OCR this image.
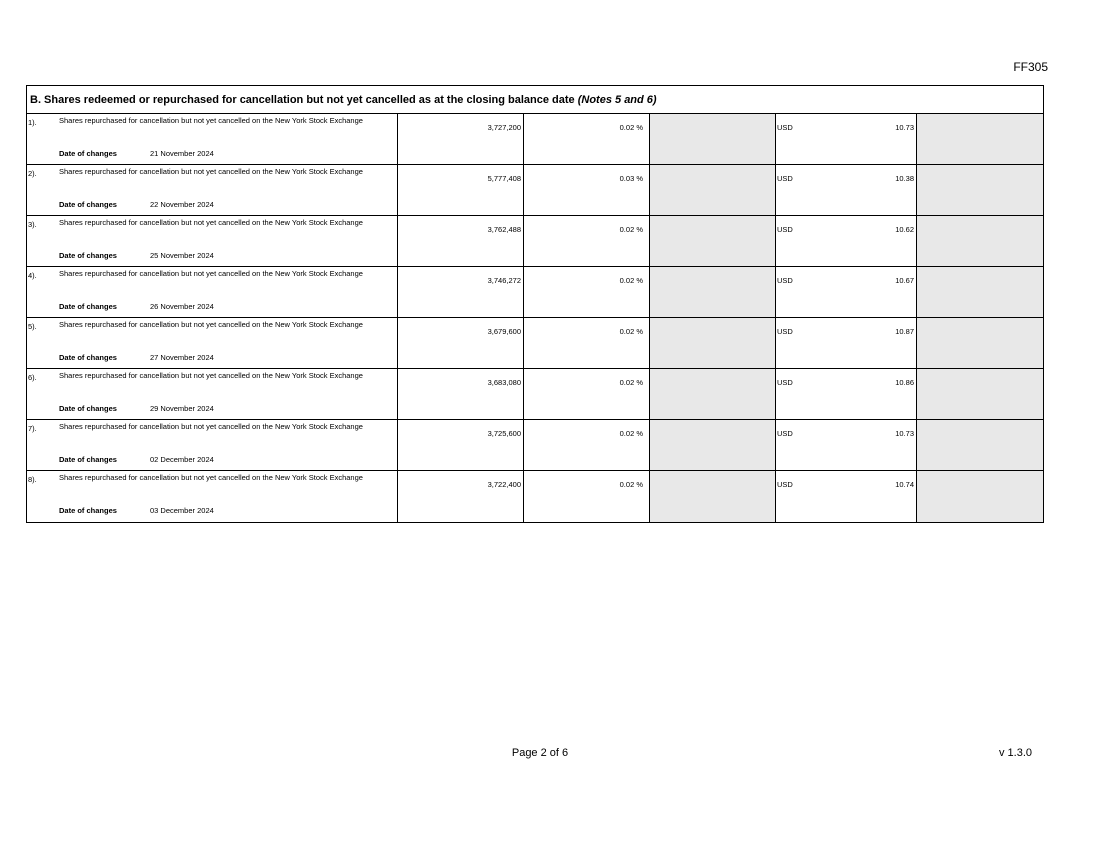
FF305
B. Shares redeemed or repurchased for cancellation but not yet cancelled as at the closing balance date (Notes 5 and 6)
1).	Shares repurchased for cancellation but not yet cancelled on the New York Stock Exchange
Date of changes	21 November 2024
3,727,200	0.02 %	USD	10.73
2).	Shares repurchased for cancellation but not yet cancelled on the New York Stock Exchange
Date of changes	22 November 2024
5,777,408	0.03 %	USD	10.38
3).	Shares repurchased for cancellation but not yet cancelled on the New York Stock Exchange
Date of changes	25 November 2024
3,762,488	0.02 %	USD	10.62
4).	Shares repurchased for cancellation but not yet cancelled on the New York Stock Exchange
Date of changes	26 November 2024
3,746,272	0.02 %	USD	10.67
5).	Shares repurchased for cancellation but not yet cancelled on the New York Stock Exchange
Date of changes	27 November 2024
3,679,600	0.02 %	USD	10.87
6).	Shares repurchased for cancellation but not yet cancelled on the New York Stock Exchange
Date of changes	29 November 2024
3,683,080	0.02 %	USD	10.86
7).	Shares repurchased for cancellation but not yet cancelled on the New York Stock Exchange
Date of changes	02 December 2024
3,725,600	0.02 %	USD	10.73
8).	Shares repurchased for cancellation but not yet cancelled on the New York Stock Exchange
Date of changes	03 December 2024
3,722,400	0.02 %	USD	10.74
Page 2 of 6	v 1.3.0
